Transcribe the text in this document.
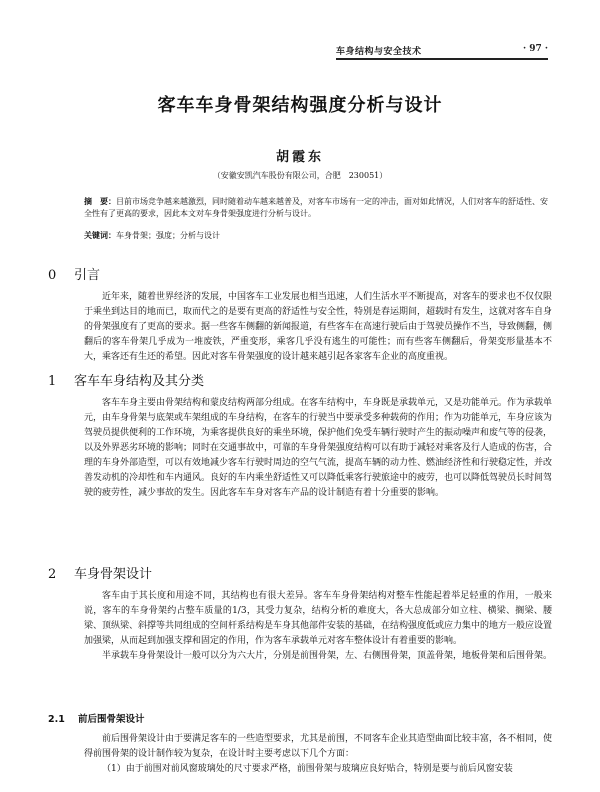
车身结构与安全技术	· 97 ·
客车车身骨架结构强度分析与设计
胡霞东
（安徽安凯汽车股份有限公司，合肥　230051）
摘　要：目前市场竞争越来越激烈，同时随着动车越来越普及，对客车市场有一定的冲击，面对如此情况，人们对客车的舒适性、安全性有了更高的要求，因此本文对车身骨架强度进行分析与设计。
关键词：车身骨架；强度；分析与设计
0 引言

近年来，随着世界经济的发展，中国客车工业发展也相当迅速，人们生活水平不断提高，对客车的要求也不仅仅限于乘坐到达目的地而已，取而代之的是要有更高的舒适性与安全性，特别是春运期间，超载时有发生，这就对客车自身的骨架强度有了更高的要求。据一些客车侧翻的新闻报道，有些客车在高速行驶后由于驾驶员操作不当，导致侧翻，侧翻后的客车骨架几乎成为一堆废铁，严重变形，乘客几乎没有逃生的可能性；而有些客车侧翻后，骨架变形量基本不大，乘客还有生还的希望。因此对客车骨架强度的设计越来越引起各家客车企业的高度重视。

1 客车车身结构及其分类

客车车身主要由骨架结构和蒙皮结构两部分组成。在客车结构中，车身既是承载单元，又是功能单元。作为承载单元，由车身骨架与底架或车架组成的车身结构，在客车的行驶当中要承受多种载荷的作用；作为功能单元，车身应该为驾驶员提供便利的工作环境，为乘客提供良好的乘坐环境，保护他们免受车辆行驶时产生的振动噪声和废气等的侵袭，以及外界恶劣环境的影响；同时在交通事故中，可靠的车身骨架强度结构可以有助于减轻对乘客及行人造成的伤害，合理的车身外部造型，可以有效地减少客车行驶时周边的空气气流，提高车辆的动力性、燃油经济性和行驶稳定性，并改善发动机的冷却性和车内通风。良好的车内乘坐舒适性又可以降低乘客行驶旅途中的疲劳，也可以降低驾驶员长时间驾驶的疲劳性，减少事故的发生。因此客车车身对客车产品的设计制造有着十分重要的影响。

2 车身骨架设计

客车由于其长度和用途不同，其结构也有很大差异。客车车身骨架结构对整车性能起着举足轻重的作用，一般来说，客车的车身骨架约占整车质量的1/3，其受力复杂，结构分析的难度大，各大总成部分如立柱、横梁、搁梁、腰梁、顶纵梁、斜撑等共同组成的空间杆系结构是车身其他部件安装的基础，在结构强度低或应力集中的地方一般应设置加强梁，从而起到加强支撑和固定的作用，作为客车承载单元对客车整体设计有着重要的影响。

半承载车身骨架设计一般可以分为六大片，分别是前围骨架，左、右侧围骨架，顶盖骨架，地板骨架和后围骨架。

2.1 前后围骨架设计

前后围骨架设计由于要满足客车的一些造型要求，尤其是前围，不同客车企业其造型曲面比较丰富，各不相同，使得前围骨架的设计制作较为复杂，在设计时主要考虑以下几个方面：

（1）由于前围对前风窗玻璃处的尺寸要求严格，前围骨架与玻璃应良好贴合，特别是要与前后风窗安装
